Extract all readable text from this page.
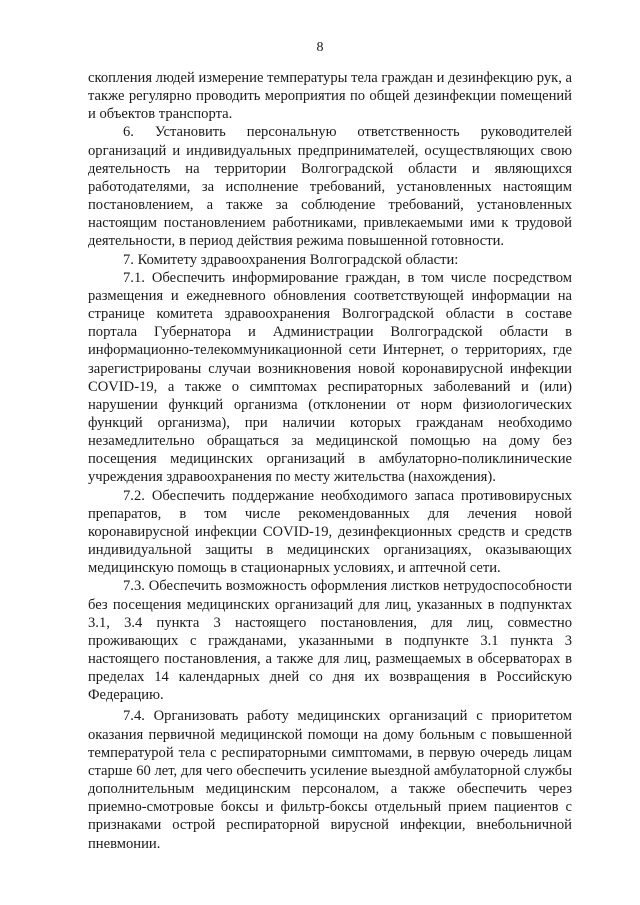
8

скопления людей измерение температуры тела граждан и дезинфекцию рук, а также регулярно проводить мероприятия по общей дезинфекции помещений и объектов транспорта.

6. Установить персональную ответственность руководителей организаций и индивидуальных предпринимателей, осуществляющих свою деятельность на территории Волгоградской области и являющихся работодателями, за исполнение требований, установленных настоящим постановлением, а также за соблюдение требований, установленных настоящим постановлением работниками, привлекаемыми ими к трудовой деятельности, в период действия режима повышенной готовности.

7. Комитету здравоохранения Волгоградской области:

7.1. Обеспечить информирование граждан, в том числе посредством размещения и ежедневного обновления соответствующей информации на странице комитета здравоохранения Волгоградской области в составе портала Губернатора и Администрации Волгоградской области в информационно-телекоммуникационной сети Интернет, о территориях, где зарегистрированы случаи возникновения новой коронавирусной инфекции COVID-19, а также о симптомах респираторных заболеваний и (или) нарушении функций организма (отклонении от норм физиологических функций организма), при наличии которых гражданам необходимо незамедлительно обращаться за медицинской помощью на дому без посещения медицинских организаций в амбулаторно-поликлинические учреждения здравоохранения по месту жительства (нахождения).

7.2. Обеспечить поддержание необходимого запаса противовирусных препаратов, в том числе рекомендованных для лечения новой коронавирусной инфекции COVID-19, дезинфекционных средств и средств индивидуальной защиты в медицинских организациях, оказывающих медицинскую помощь в стационарных условиях, и аптечной сети.

7.3. Обеспечить возможность оформления листков нетрудоспособности без посещения медицинских организаций для лиц, указанных в подпунктах 3.1, 3.4 пункта 3 настоящего постановления, для лиц, совместно проживающих с гражданами, указанными в подпункте 3.1 пункта 3 настоящего постановления, а также для лиц, размещаемых в обсерваторах в пределах 14 календарных дней со дня их возвращения в Российскую Федерацию.

7.4. Организовать работу медицинских организаций с приоритетом оказания первичной медицинской помощи на дому больным с повышенной температурой тела с респираторными симптомами, в первую очередь лицам старше 60 лет, для чего обеспечить усиление выездной амбулаторной службы дополнительным медицинским персоналом, а также обеспечить через приемно-смотровые боксы и фильтр-боксы отдельный прием пациентов с признаками острой респираторной вирусной инфекции, внебольничной пневмонии.
